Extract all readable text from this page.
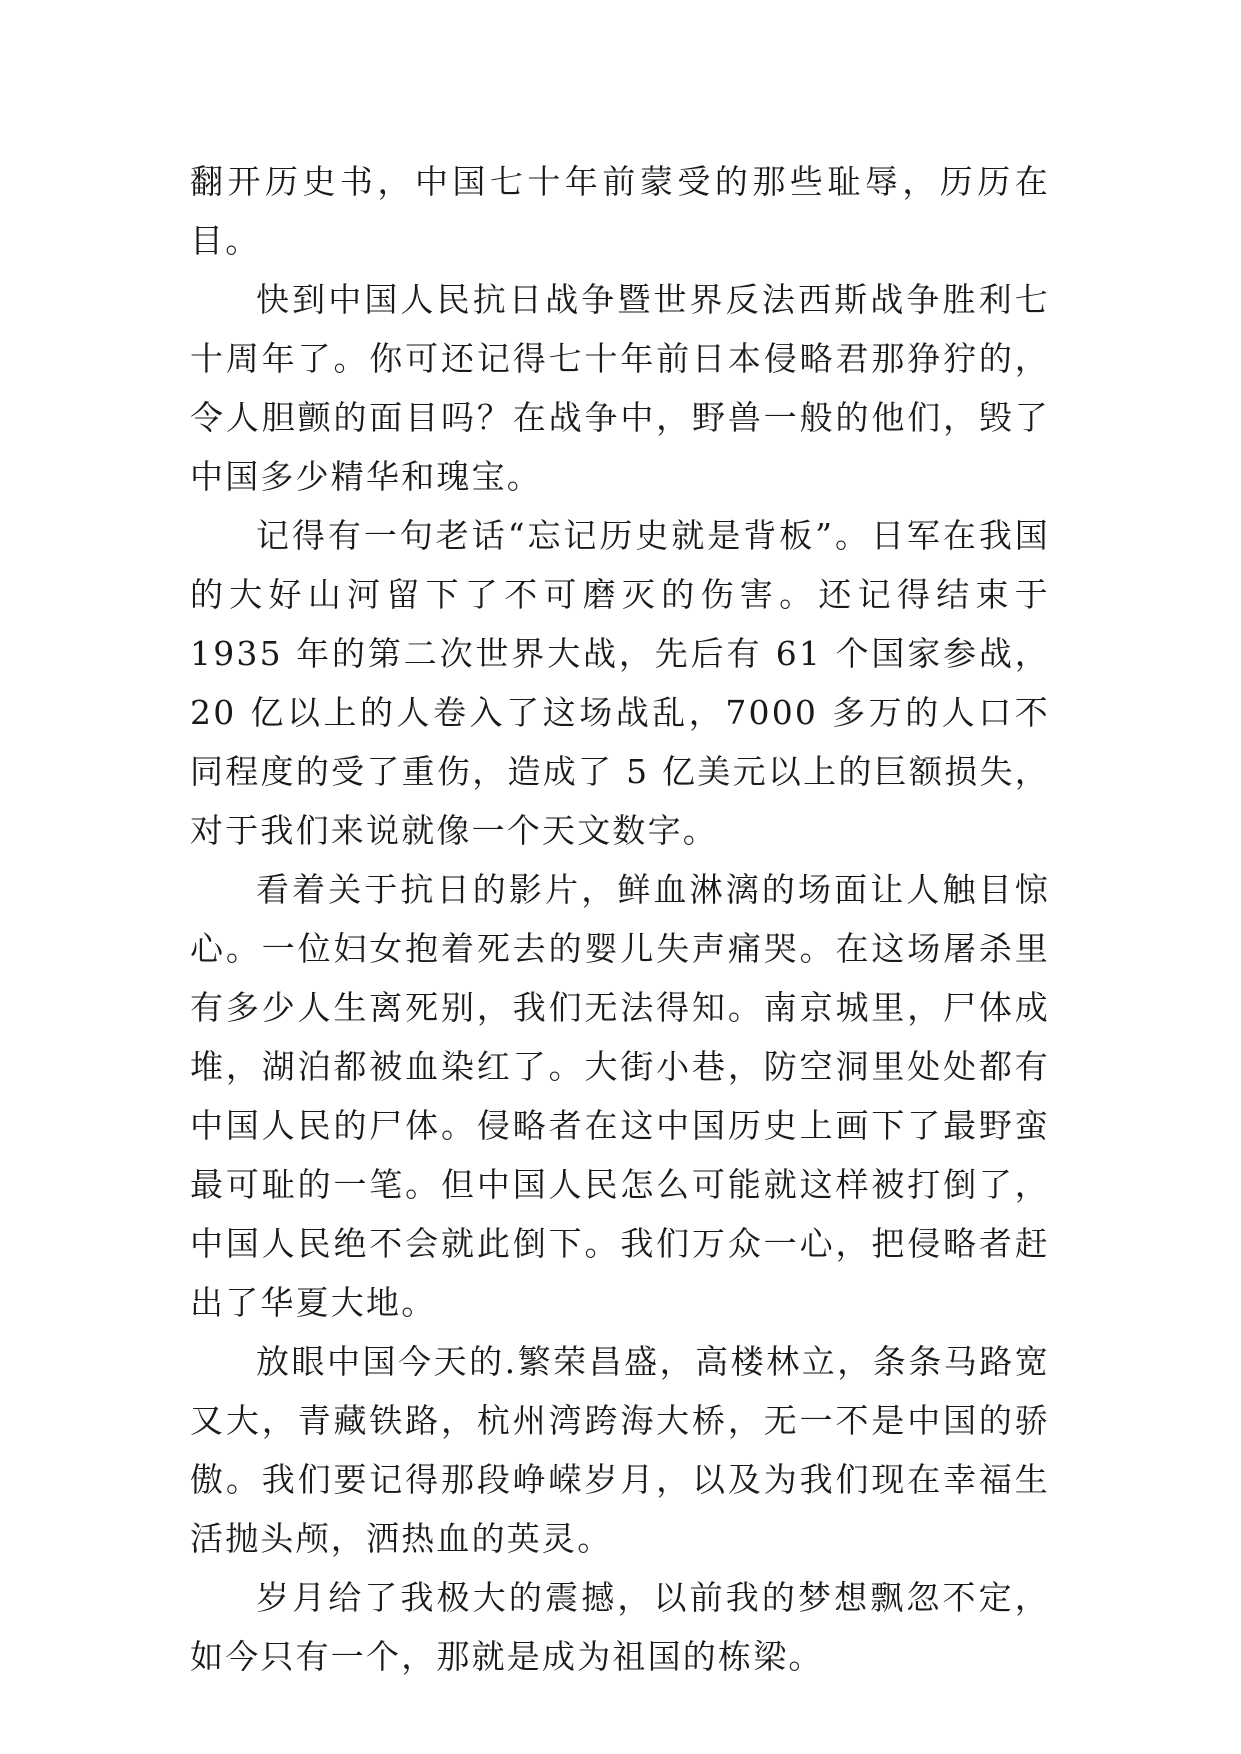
翻开历史书，中国七十年前蒙受的那些耻辱，历历在目。

快到中国人民抗日战争暨世界反法西斯战争胜利七十周年了。你可还记得七十年前日本侵略君那狰狞的，令人胆颤的面目吗？在战争中，野兽一般的他们，毁了中国多少精华和瑰宝。

记得有一句老话“忘记历史就是背板”。日军在我国的大好山河留下了不可磨灭的伤害。还记得结束于 1935 年的第二次世界大战，先后有 61 个国家参战，20 亿以上的人卷入了这场战乱，7000 多万的人口不同程度的受了重伤，造成了 5 亿美元以上的巨额损失，对于我们来说就像一个天文数字。

看着关于抗日的影片，鲜血淋漓的场面让人触目惊心。一位妇女抱着死去的婴儿失声痛哭。在这场屠杀里有多少人生离死别，我们无法得知。南京城里，尸体成堆，湖泊都被血染红了。大街小巷，防空洞里处处都有中国人民的尸体。侵略者在这中国历史上画下了最野蛮最可耻的一笔。但中国人民怎么可能就这样被打倒了，中国人民绝不会就此倒下。我们万众一心，把侵略者赶出了华夏大地。

放眼中国今天的.繁荣昌盛，高楼林立，条条马路宽又大，青藏铁路，杭州湾跨海大桥，无一不是中国的骄傲。我们要记得那段峥嵘岁月，以及为我们现在幸福生活抛头颅，洒热血的英灵。

岁月给了我极大的震撼，以前我的梦想飘忽不定，如今只有一个，那就是成为祖国的栋梁。
